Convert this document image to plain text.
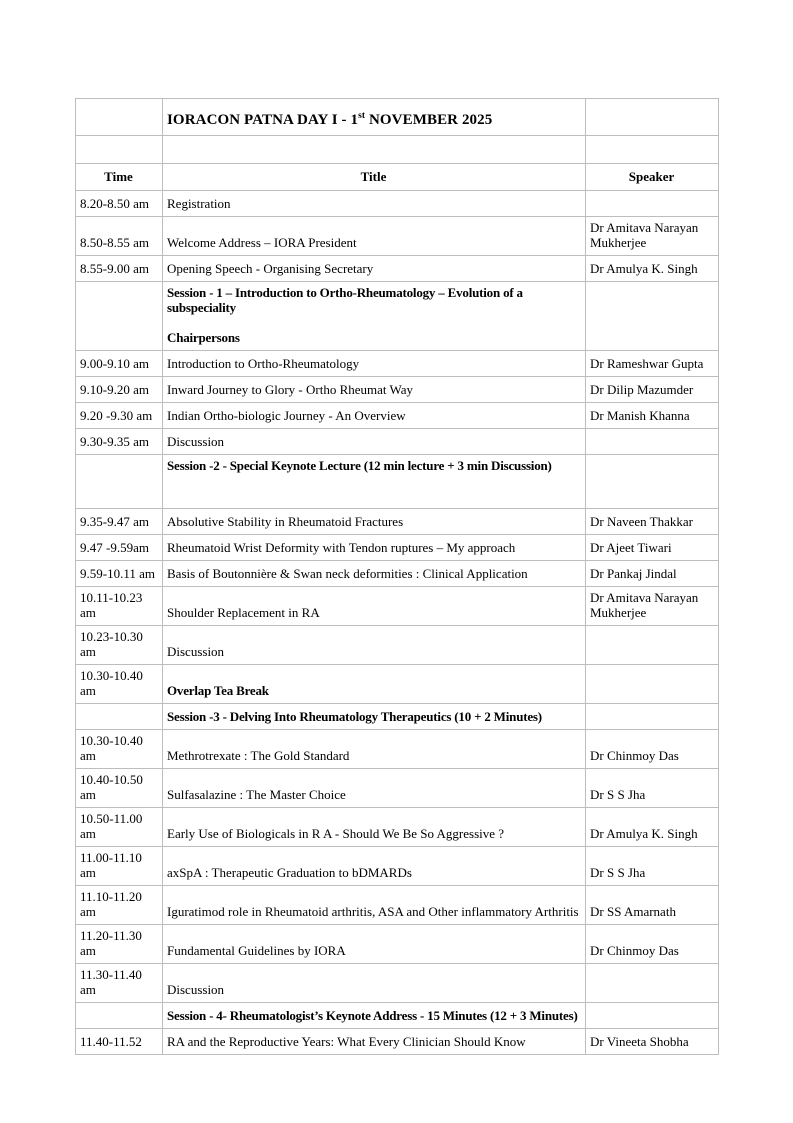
	IORACON PATNA DAY I - 1st NOVEMBER 2025	

Time	Title	Speaker
8.20-8.50 am	Registration	

8.50-8.55 am	Welcome Address – IORA President	Dr Amitava Narayan Mukherjee
8.55-9.00 am	Opening Speech - Organising Secretary	Dr Amulya K. Singh

	Session - 1 – Introduction to Ortho-Rheumatology – Evolution of a subspeciality
Chairpersons	

9.00-9.10 am	Introduction to Ortho-Rheumatology	Dr Rameshwar Gupta
9.10-9.20 am	Inward Journey to Glory - Ortho Rheumat Way	Dr Dilip Mazumder
9.20 -9.30 am	Indian Ortho-biologic Journey - An Overview	Dr Manish Khanna
9.30-9.35 am	Discussion	

	Session -2 - Special Keynote Lecture (12 min lecture + 3 min Discussion)	

9.35-9.47 am	Absolutive Stability in Rheumatoid Fractures	Dr Naveen Thakkar
9.47 -9.59am	Rheumatoid Wrist Deformity with Tendon ruptures – My approach	Dr Ajeet Tiwari
9.59-10.11 am	Basis of Boutonnière & Swan neck deformities : Clinical Application	Dr Pankaj Jindal
10.11-10.23 am	Shoulder Replacement in RA	Dr Amitava Narayan Mukherjee
10.23-10.30 am	Discussion	

10.30-10.40 am	Overlap Tea Break	

	Session -3 - Delving Into Rheumatology Therapeutics (10 + 2 Minutes)	

10.30-10.40 am	Methrotrexate : The Gold Standard	Dr Chinmoy Das
10.40-10.50 am	Sulfasalazine : The Master Choice	Dr S S Jha
10.50-11.00 am	Early Use of Biologicals in R A - Should We Be So Aggressive ?	Dr Amulya K. Singh
11.00-11.10 am	axSpA : Therapeutic Graduation to bDMARDs	Dr S S Jha
11.10-11.20 am	Iguratimod role in Rheumatoid arthritis, ASA and Other inflammatory Arthritis	Dr SS Amarnath
11.20-11.30 am	Fundamental Guidelines by IORA	Dr Chinmoy Das
11.30-11.40 am	Discussion	

	Session - 4- Rheumatologist’s Keynote Address - 15 Minutes (12 + 3 Minutes)	

11.40-11.52	RA and the Reproductive Years: What Every Clinician Should Know	Dr Vineeta Shobha
